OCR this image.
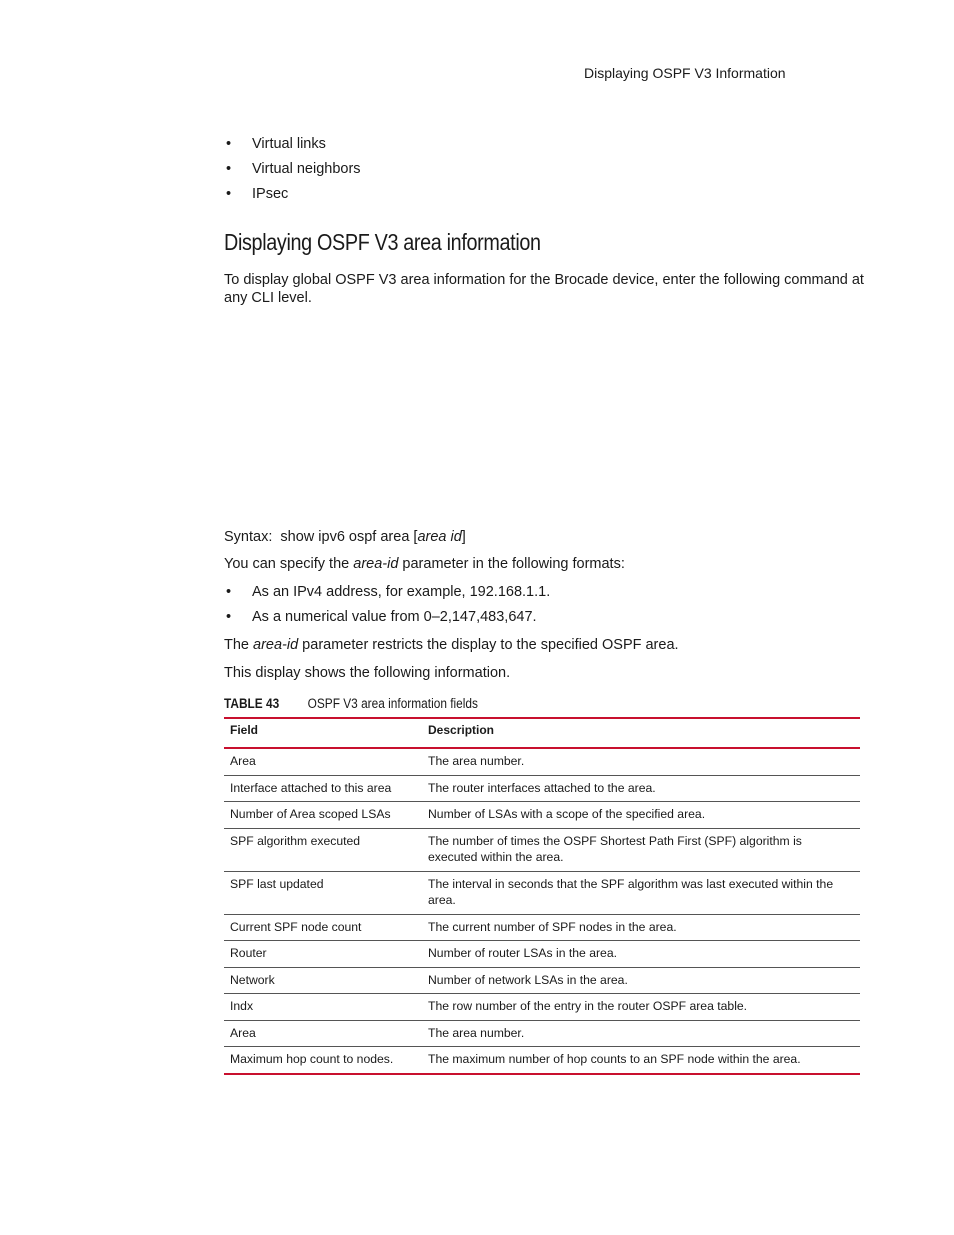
Displaying OSPF V3 Information
• Virtual links
• Virtual neighbors
• IPsec
Displaying OSPF V3 area information

To display global OSPF V3 area information for the Brocade device, enter the following command at any CLI level.

Syntax: show ipv6 ospf area [area id]

You can specify the area-id parameter in the following formats:

• As an IPv4 address, for example, 192.168.1.1.
• As a numerical value from 0–2,147,483,647.

The area-id parameter restricts the display to the specified OSPF area.

This display shows the following information.

TABLE 43 OSPF V3 area information fields
Field	Description
Area	The area number.
Interface attached to this area	The router interfaces attached to the area.
Number of Area scoped LSAs	Number of LSAs with a scope of the specified area.
SPF algorithm executed	The number of times the OSPF Shortest Path First (SPF) algorithm is executed within the area.
SPF last updated	The interval in seconds that the SPF algorithm was last executed within the area.
Current SPF node count	The current number of SPF nodes in the area.
Router	Number of router LSAs in the area.
Network	Number of network LSAs in the area.
Indx	The row number of the entry in the router OSPF area table.
Area	The area number.
Maximum hop count to nodes.	The maximum number of hop counts to an SPF node within the area.
